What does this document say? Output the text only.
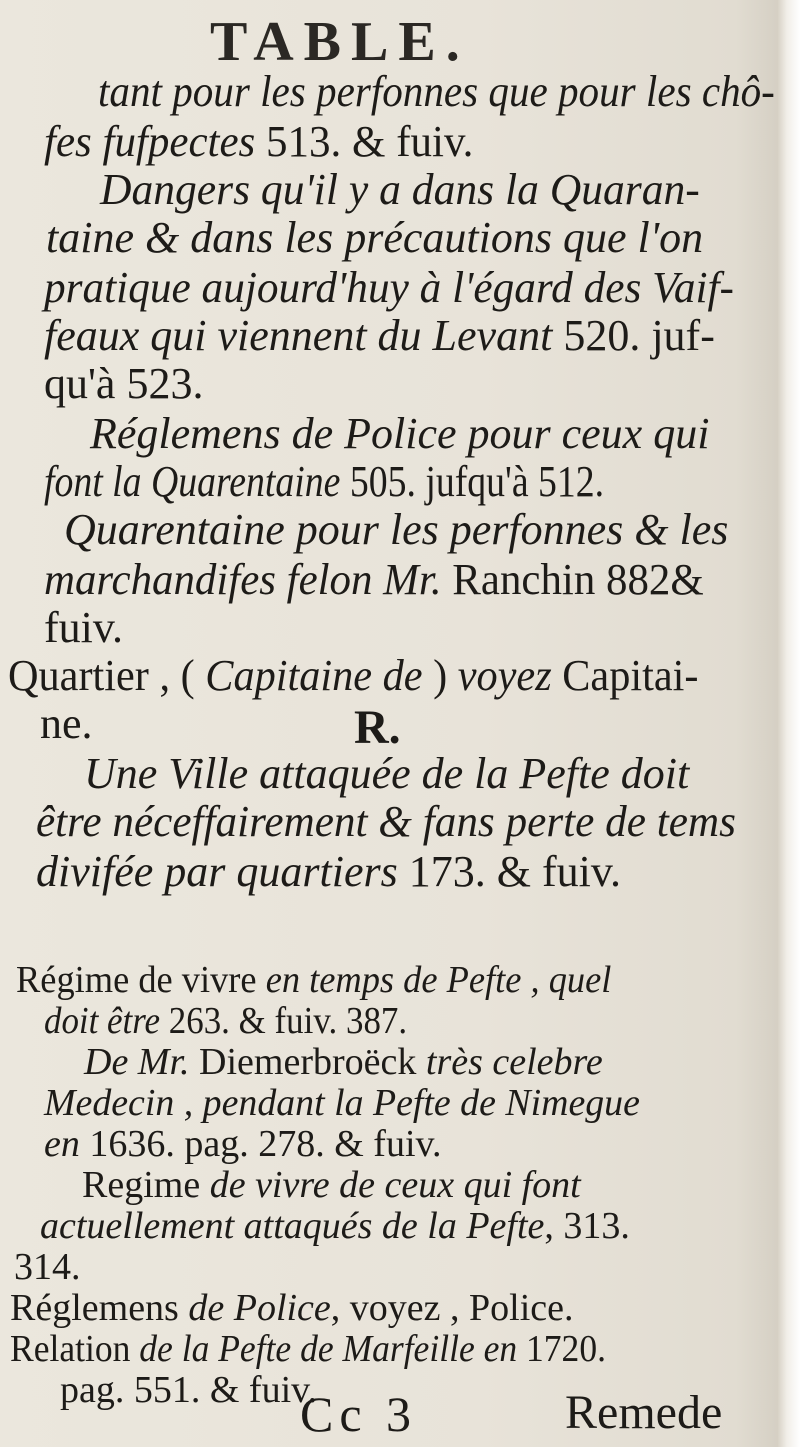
TABLE.
tant pour les perfonnes que pour les chô-
fes fufpectes 513. & fuiv.
Dangers qu'il y a dans la Quaran-
taine & dans les précautions que l'on
pratique aujourd'huy à l'égard des Vaif-
feaux qui viennent du Levant 520. juf-
qu'à 523.
Réglemens de Police pour ceux qui
font la Quarentaine 505. jufqu'à 512.
Quarentaine pour les perfonnes & les
marchandifes felon Mr. Ranchin 882&
fuiv.
Quartier , ( Capitaine de ) voyez Capitai-
ne.
Une Ville attaquée de la Pefte doit
être néceffairement & fans perte de tems
divifée par quartiers 173. & fuiv.
Régime de vivre en temps de Pefte , quel
doit être 263. & fuiv. 387.
De Mr. Diemerbroëck très celebre
Medecin , pendant la Pefte de Nimegue
en 1636. pag. 278. & fuiv.
Regime de vivre de ceux qui font
actuellement attaqués de la Pefte, 313.
314.
Réglemens de Police, voyez , Police.
Relation de la Pefte de Marfeille en 1720.
pag. 551. & fuiv.
R.
Cc 3	Remede
